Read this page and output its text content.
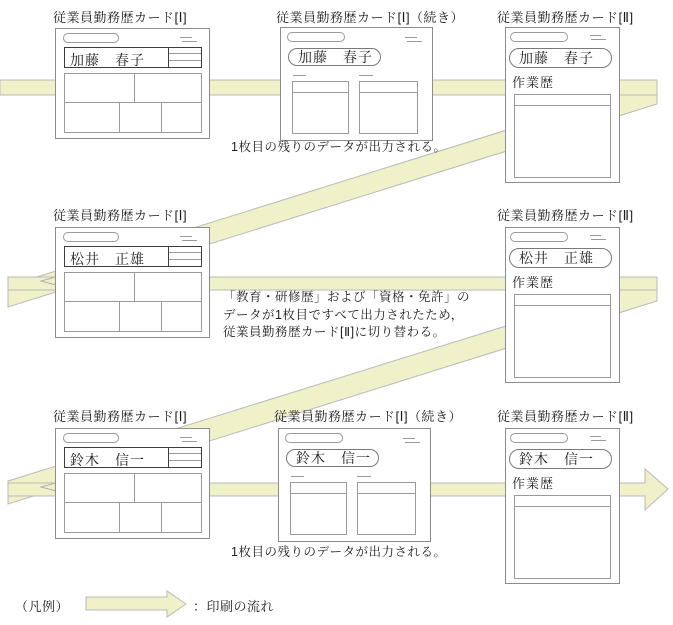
従業員勤務歴カード[Ⅰ]	従業員勤務歴カード[Ⅰ]（続き）	従業員勤務歴カード[Ⅱ]
加藤　春子	加藤　春子	加藤　春子
作業歴
1枚目の残りのデータが出力される。
従業員勤務歴カード[Ⅰ]	従業員勤務歴カード[Ⅱ]
松井　正雄	松井　正雄
作業歴
「教育・研修歴」および「資格・免許」の
データが1枚目ですべて出力されたため，
従業員勤務歴カード[Ⅱ]に切り替わる。
従業員勤務歴カード[Ⅰ]	従業員勤務歴カード[Ⅰ]（続き）	従業員勤務歴カード[Ⅱ]
鈴木　信一	鈴木　信一	鈴木　信一
作業歴
1枚目の残りのデータが出力される。
（凡例）	：印刷の流れ
